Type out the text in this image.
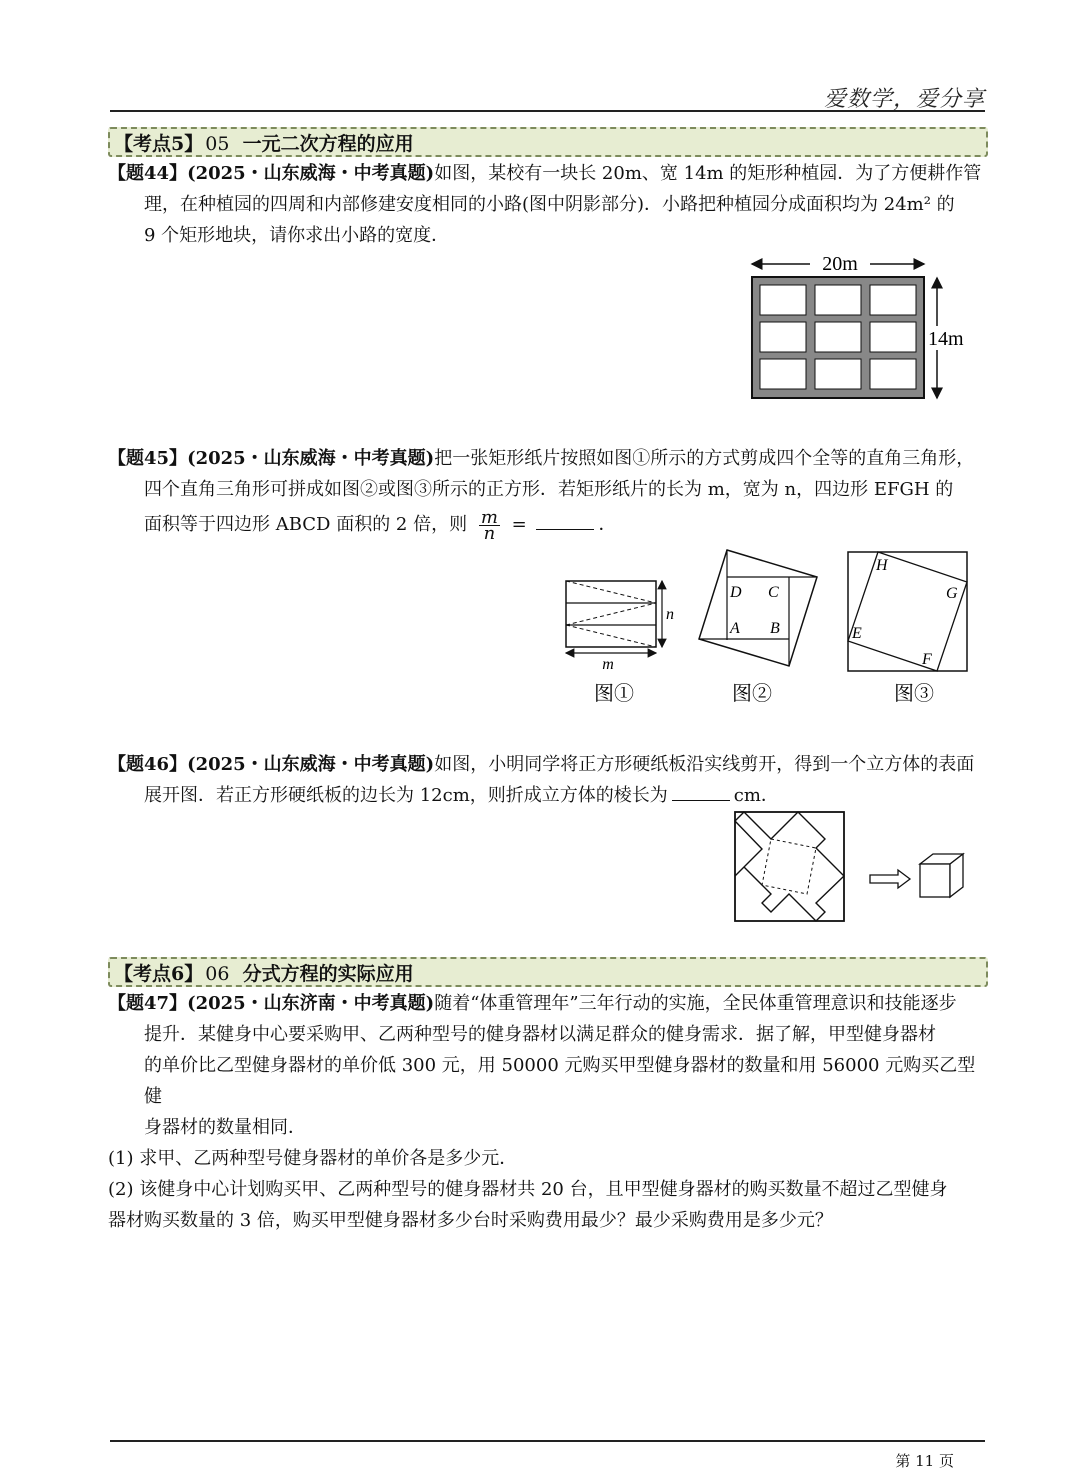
爱数学，爱分享
【考点5】 05 一元二次方程的应用
【题44】(2025・山东威海・中考真题)如图，某校有一块长 20m、宽 14m 的矩形种植园．为了方便耕作管
理，在种植园的四周和内部修建安度相同的小路(图中阴影部分)．小路把种植园分成面积均为 24m² 的
9 个矩形地块，请你求出小路的宽度．
20m
14m
【题45】(2025・山东威海・中考真题)把一张矩形纸片按照如图①所示的方式剪成四个全等的直角三角形，
四个直角三角形可拼成如图②或图③所示的正方形．若矩形纸片的长为 m，宽为 n，四边形 EFGH 的
面积等于四边形 ABCD 面积的 2 倍，则 $\frac{m}{n}$ =	．
n
m
图①
D C
A B
图②
H
G
E
F
图③
【题46】(2025・山东威海・中考真题)如图，小明同学将正方形硬纸板沿实线剪开，得到一个立方体的表面
展开图．若正方形硬纸板的边长为 12cm，则折成立方体的棱长为	cm．
【考点6】 06 分式方程的实际应用
【题47】(2025・山东济南・中考真题)随着“体重管理年”三年行动的实施，全民体重管理意识和技能逐步
提升．某健身中心要采购甲、乙两种型号的健身器材以满足群众的健身需求．据了解，甲型健身器材
的单价比乙型健身器材的单价低 300 元，用 50000 元购买甲型健身器材的数量和用 56000 元购买乙型健
身器材的数量相同．
(1) 求甲、乙两种型号健身器材的单价各是多少元．
(2) 该健身中心计划购买甲、乙两种型号的健身器材共 20 台，且甲型健身器材的购买数量不超过乙型健身
器材购买数量的 3 倍，购买甲型健身器材多少台时采购费用最少？最少采购费用是多少元？
第 11 页
